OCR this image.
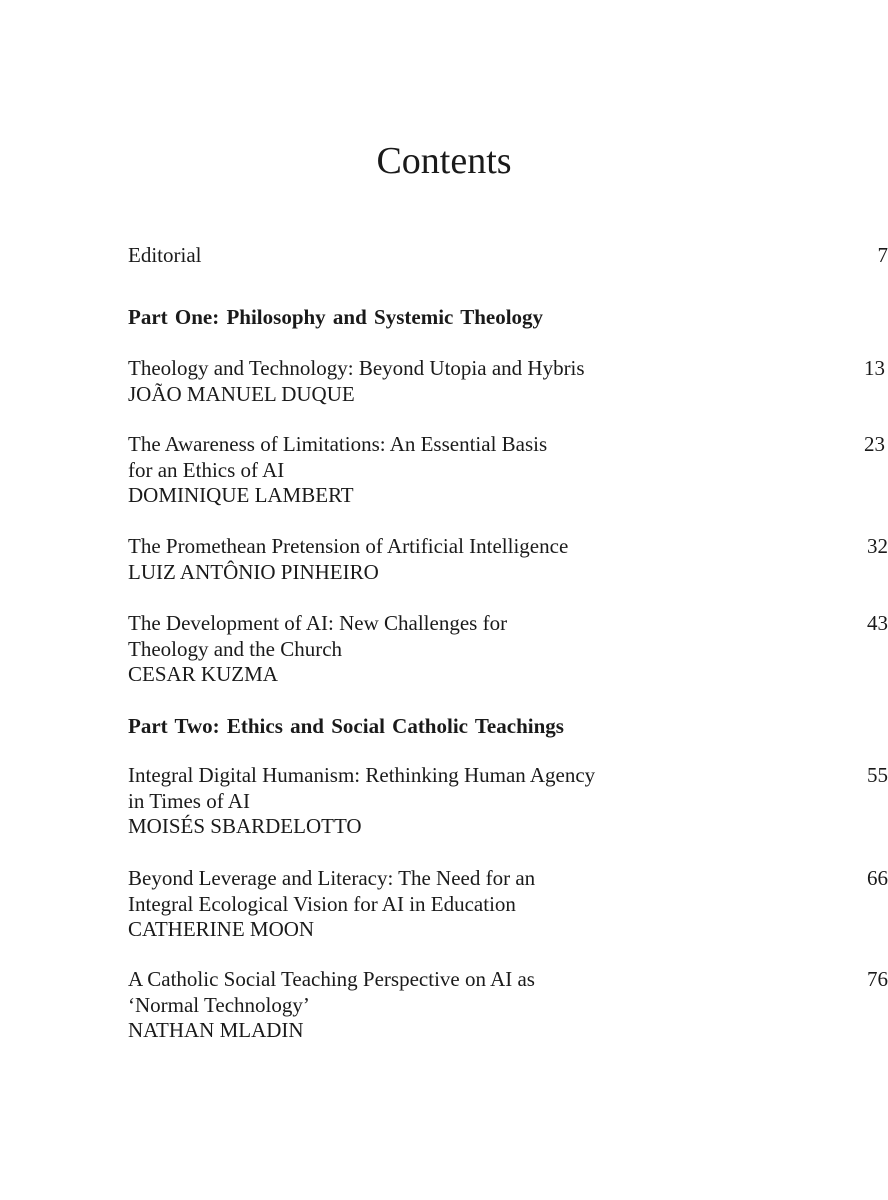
Contents
Editorial	7
Part One: Philosophy and Systemic Theology
Theology and Technology: Beyond Utopia and Hybris
JOÃO MANUEL DUQUE
13
The Awareness of Limitations: An Essential Basis
for an Ethics of AI
DOMINIQUE LAMBERT
23
The Promethean Pretension of Artificial Intelligence
LUIZ ANTÔNIO PINHEIRO
32
The Development of AI: New Challenges for
Theology and the Church
CESAR KUZMA
43
Part Two: Ethics and Social Catholic Teachings
Integral Digital Humanism: Rethinking Human Agency
in Times of AI
MOISÉS SBARDELOTTO
55
Beyond Leverage and Literacy: The Need for an
Integral Ecological Vision for AI in Education
CATHERINE MOON
66
A Catholic Social Teaching Perspective on AI as
‘Normal Technology’
NATHAN MLADIN
76
